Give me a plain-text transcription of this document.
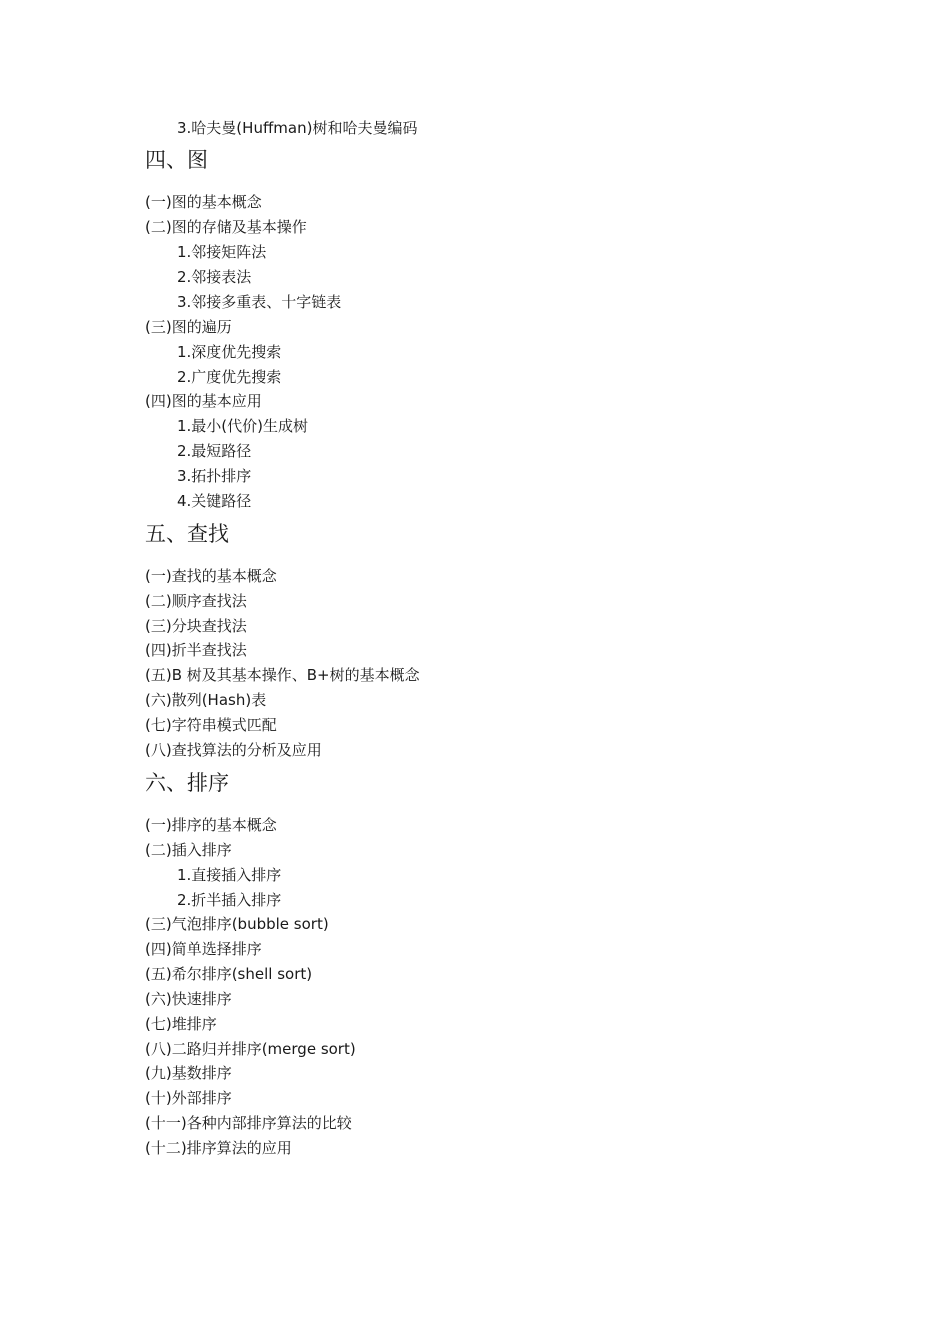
3.哈夫曼(Huffman)树和哈夫曼编码
四、图
(一)图的基本概念
(二)图的存储及基本操作
1.邻接矩阵法
2.邻接表法
3.邻接多重表、十字链表
(三)图的遍历
1.深度优先搜索
2.广度优先搜索
(四)图的基本应用
1.最小(代价)生成树
2.最短路径
3.拓扑排序
4.关键路径
五、查找
(一)查找的基本概念
(二)顺序查找法
(三)分块查找法
(四)折半查找法
(五)B 树及其基本操作、B+树的基本概念
(六)散列(Hash)表
(七)字符串模式匹配
(八)查找算法的分析及应用
六、排序
(一)排序的基本概念
(二)插入排序
1.直接插入排序
2.折半插入排序
(三)气泡排序(bubble sort)
(四)简单选择排序
(五)希尔排序(shell sort)
(六)快速排序
(七)堆排序
(八)二路归并排序(merge sort)
(九)基数排序
(十)外部排序
(十一)各种内部排序算法的比较
(十二)排序算法的应用
